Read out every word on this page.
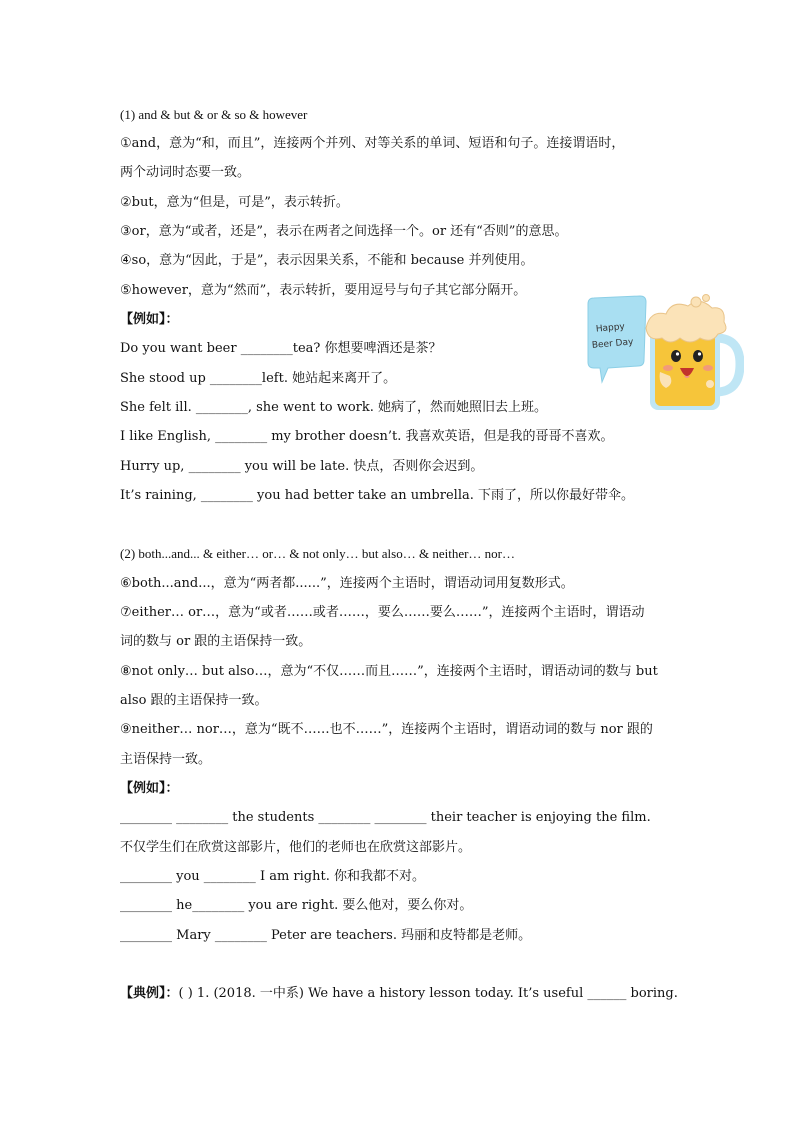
(1) and & but & or & so & however
①and，意为“和，而且”，连接两个并列、对等关系的单词、短语和句子。连接谓语时，
两个动词时态要一致。
②but，意为“但是，可是”，表示转折。
③or，意为“或者，还是”，表示在两者之间选择一个。or 还有“否则”的意思。
④so，意为“因此，于是”，表示因果关系，不能和 because 并列使用。
⑤however，意为“然而”，表示转折，要用逗号与句子其它部分隔开。
【例如】：
Do you want beer ________tea? 你想要啤酒还是茶？
She stood up ________left. 她站起来离开了。
She felt ill. ________, she went to work. 她病了，然而她照旧去上班。
I like English, ________ my brother doesn’t. 我喜欢英语，但是我的哥哥不喜欢。
Hurry up, ________ you will be late. 快点，否则你会迟到。
It’s raining, ________ you had better take an umbrella. 下雨了，所以你最好带伞。
(2) both...and... & either… or… & not only… but also… & neither… nor…
⑥both...and...，意为“两者都......”，连接两个主语时，谓语动词用复数形式。
⑦either… or…，意为“或者……或者……，要么……要么……”，连接两个主语时，谓语动
词的数与 or 跟的主语保持一致。
⑧not only… but also…，意为“不仅……而且……”，连接两个主语时，谓语动词的数与 but
also 跟的主语保持一致。
⑨neither… nor…，意为“既不……也不……”，连接两个主语时，谓语动词的数与 nor 跟的
主语保持一致。
【例如】：
________ ________ the students ________ ________ their teacher is enjoying the film.
不仅学生们在欣赏这部影片，他们的老师也在欣赏这部影片。
________ you ________ I am right. 你和我都不对。
________ he________ you are right. 要么他对，要么你对。
________ Mary ________ Peter are teachers. 玛丽和皮特都是老师。
【典例】：( ) 1. (2018. 一中系) We have a history lesson today. It’s useful ______ boring.
Happy
Beer Day
